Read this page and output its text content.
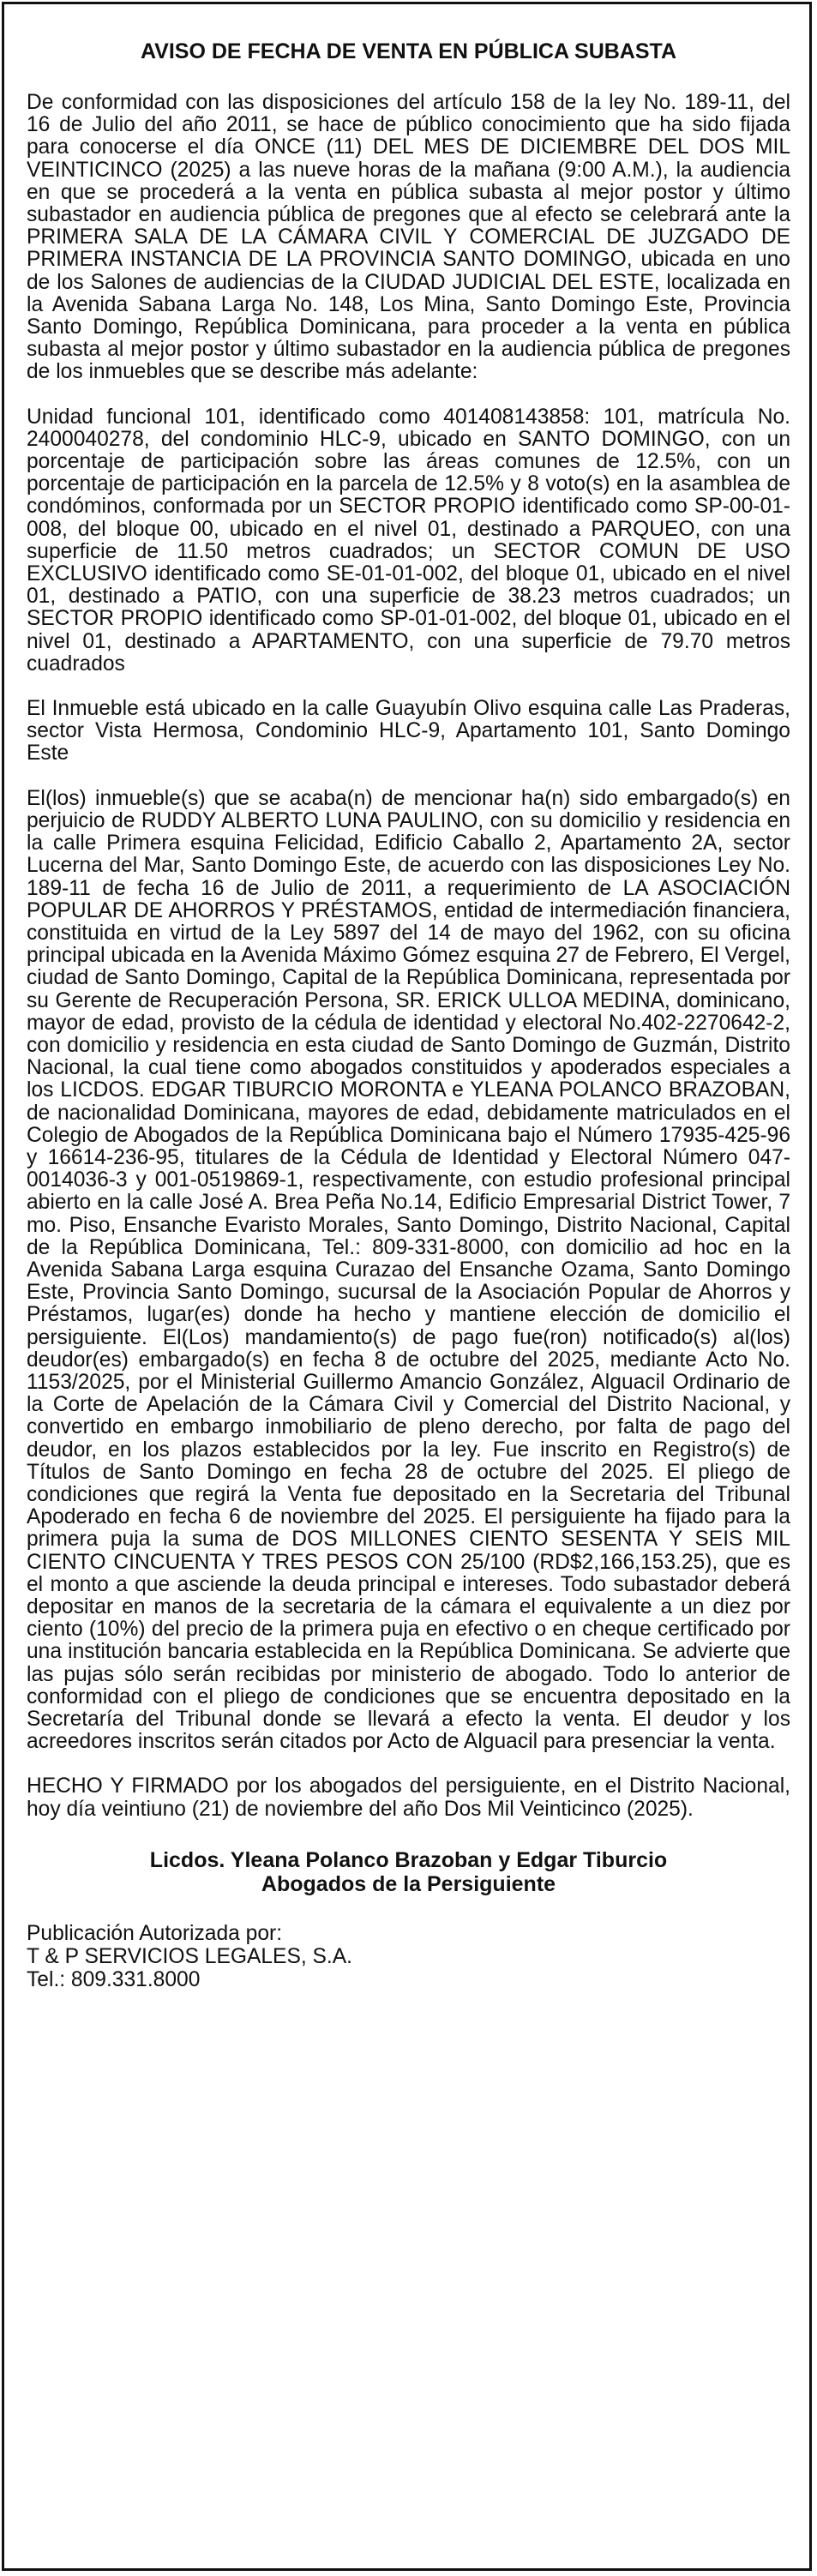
AVISO DE FECHA DE VENTA EN PÚBLICA SUBASTA

De conformidad con las disposiciones del artículo 158 de la ley No. 189-11, del 16 de Julio del año 2011, se hace de público conocimiento que ha sido fijada para conocerse el día ONCE (11) DEL MES DE DICIEMBRE DEL DOS MIL VEINTICINCO (2025) a las nueve horas de la mañana (9:00 A.M.), la audiencia en que se procederá a la venta en pública subasta al mejor postor y último subastador en audiencia pública de pregones que al efecto se celebrará ante la PRIMERA SALA DE LA CÁMARA CIVIL Y COMERCIAL DE JUZGADO DE PRIMERA INSTANCIA DE LA PROVINCIA SANTO DOMINGO, ubicada en uno de los Salones de audiencias de la CIUDAD JUDICIAL DEL ESTE, localizada en la Avenida Sabana Larga No. 148, Los Mina, Santo Domingo Este, Provincia Santo Domingo, República Dominicana, para proceder a la venta en pública subasta al mejor postor y último subastador en la audiencia pública de pregones de los inmuebles que se describe más adelante:

Unidad funcional 101, identificado como 401408143858: 101, matrícula No. 2400040278, del condominio HLC-9, ubicado en SANTO DOMINGO, con un porcentaje de participación sobre las áreas comunes de 12.5%, con un porcentaje de participación en la parcela de 12.5% y 8 voto(s) en la asamblea de condóminos, conformada por un SECTOR PROPIO identificado como SP-00-01-008, del bloque 00, ubicado en el nivel 01, destinado a PARQUEO, con una superficie de 11.50 metros cuadrados; un SECTOR COMUN DE USO EXCLUSIVO identificado como SE-01-01-002, del bloque 01, ubicado en el nivel 01, destinado a PATIO, con una superficie de 38.23 metros cuadrados; un SECTOR PROPIO identificado como SP-01-01-002, del bloque 01, ubicado en el nivel 01, destinado a APARTAMENTO, con una superficie de 79.70 metros cuadrados

El Inmueble está ubicado en la calle Guayubín Olivo esquina calle Las Praderas, sector Vista Hermosa, Condominio HLC-9, Apartamento 101, Santo Domingo Este

El(los) inmueble(s) que se acaba(n) de mencionar ha(n) sido embargado(s) en perjuicio de RUDDY ALBERTO LUNA PAULINO, con su domicilio y residencia en la calle Primera esquina Felicidad, Edificio Caballo 2, Apartamento 2A, sector Lucerna del Mar, Santo Domingo Este, de acuerdo con las disposiciones Ley No. 189-11 de fecha 16 de Julio de 2011, a requerimiento de LA ASOCIACIÓN POPULAR DE AHORROS Y PRÉSTAMOS, entidad de intermediación financiera, constituida en virtud de la Ley 5897 del 14 de mayo del 1962, con su oficina principal ubicada en la Avenida Máximo Gómez esquina 27 de Febrero, El Vergel, ciudad de Santo Domingo, Capital de la República Dominicana, representada por su Gerente de Recuperación Persona, SR. ERICK ULLOA MEDINA, dominicano, mayor de edad, provisto de la cédula de identidad y electoral No.402-2270642-2, con domicilio y residencia en esta ciudad de Santo Domingo de Guzmán, Distrito Nacional, la cual tiene como abogados constituidos y apoderados especiales a los LICDOS. EDGAR TIBURCIO MORONTA e YLEANA POLANCO BRAZOBAN, de nacionalidad Dominicana, mayores de edad, debidamente matriculados en el Colegio de Abogados de la República Dominicana bajo el Número 17935-425-96 y 16614-236-95, titulares de la Cédula de Identidad y Electoral Número 047-0014036-3 y 001-0519869-1, respectivamente, con estudio profesional principal abierto en la calle José A. Brea Peña No.14, Edificio Empresarial District Tower, 7 mo. Piso, Ensanche Evaristo Morales, Santo Domingo, Distrito Nacional, Capital de la República Dominicana, Tel.: 809-331-8000, con domicilio ad hoc en la Avenida Sabana Larga esquina Curazao del Ensanche Ozama, Santo Domingo Este, Provincia Santo Domingo, sucursal de la Asociación Popular de Ahorros y Préstamos, lugar(es) donde ha hecho y mantiene elección de domicilio el persiguiente. El(Los) mandamiento(s) de pago fue(ron) notificado(s) al(los) deudor(es) embargado(s) en fecha 8 de octubre del 2025, mediante Acto No. 1153/2025, por el Ministerial Guillermo Amancio González, Alguacil Ordinario de la Corte de Apelación de la Cámara Civil y Comercial del Distrito Nacional, y convertido en embargo inmobiliario de pleno derecho, por falta de pago del deudor, en los plazos establecidos por la ley. Fue inscrito en Registro(s) de Títulos de Santo Domingo en fecha 28 de octubre del 2025. El pliego de condiciones que regirá la Venta fue depositado en la Secretaria del Tribunal Apoderado en fecha 6 de noviembre del 2025. El persiguiente ha fijado para la primera puja la suma de DOS MILLONES CIENTO SESENTA Y SEIS MIL CIENTO CINCUENTA Y TRES PESOS CON 25/100 (RD$2,166,153.25), que es el monto a que asciende la deuda principal e intereses. Todo subastador deberá depositar en manos de la secretaria de la cámara el equivalente a un diez por ciento (10%) del precio de la primera puja en efectivo o en cheque certificado por una institución bancaria establecida en la República Dominicana. Se advierte que las pujas sólo serán recibidas por ministerio de abogado. Todo lo anterior de conformidad con el pliego de condiciones que se encuentra depositado en la Secretaría del Tribunal donde se llevará a efecto la venta. El deudor y los acreedores inscritos serán citados por Acto de Alguacil para presenciar la venta.

HECHO Y FIRMADO por los abogados del persiguiente, en el Distrito Nacional, hoy día veintiuno (21) de noviembre del año Dos Mil Veinticinco (2025).

Licdos. Yleana Polanco Brazoban y Edgar Tiburcio
Abogados de la Persiguiente
Publicación Autorizada por:
T & P SERVICIOS LEGALES, S.A.
Tel.: 809.331.8000
